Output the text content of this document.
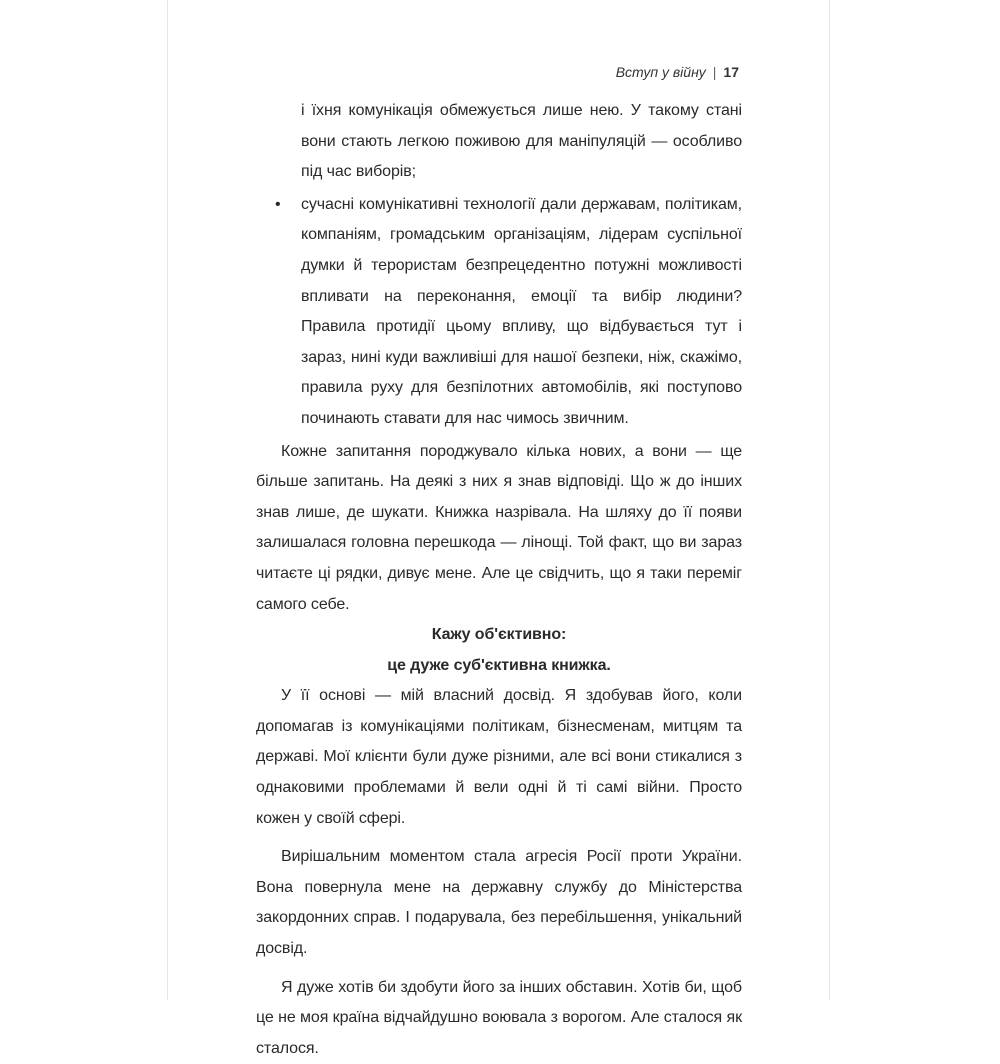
Вступ у війну | 17

і їхня комунікація обмежується лише нею. У такому стані вони стають легкою поживою для маніпуляцій — особливо під час виборів;

• сучасні комунікативні технології дали державам, політикам, компаніям, громадським організаціям, лідерам суспільної думки й терористам безпрецедентно потужні можливості впливати на переконання, емоції та вибір людини? Правила протидії цьому впливу, що відбувається тут і зараз, нині куди важливіші для нашої безпеки, ніж, скажімо, правила руху для безпілотних автомобілів, які поступово починають ставати для нас чимось звичним.

Кожне запитання породжувало кілька нових, а вони — ще більше запитань. На деякі з них я знав відповіді. Що ж до інших знав лише, де шукати. Книжка назрівала. На шляху до її появи залишалася головна перешкода — лінощі. Той факт, що ви зараз читаєте ці рядки, дивує мене. Але це свідчить, що я таки переміг самого себе.

Кажу об'єктивно:

це дуже суб'єктивна книжка.

У її основі — мій власний досвід. Я здобував його, коли допомагав із комунікаціями політикам, бізнесменам, митцям та державі. Мої клієнти були дуже різними, але всі вони стикалися з однаковими проблемами й вели одні й ті самі війни. Просто кожен у своїй сфері.

Вирішальним моментом стала агресія Росії проти України. Вона повернула мене на державну службу до Міністерства закордонних справ. І подарувала, без перебільшення, унікальний досвід.

Я дуже хотів би здобути його за інших обставин. Хотів би, щоб це не моя країна відчайдушно воювала з ворогом. Але сталося як сталося.
